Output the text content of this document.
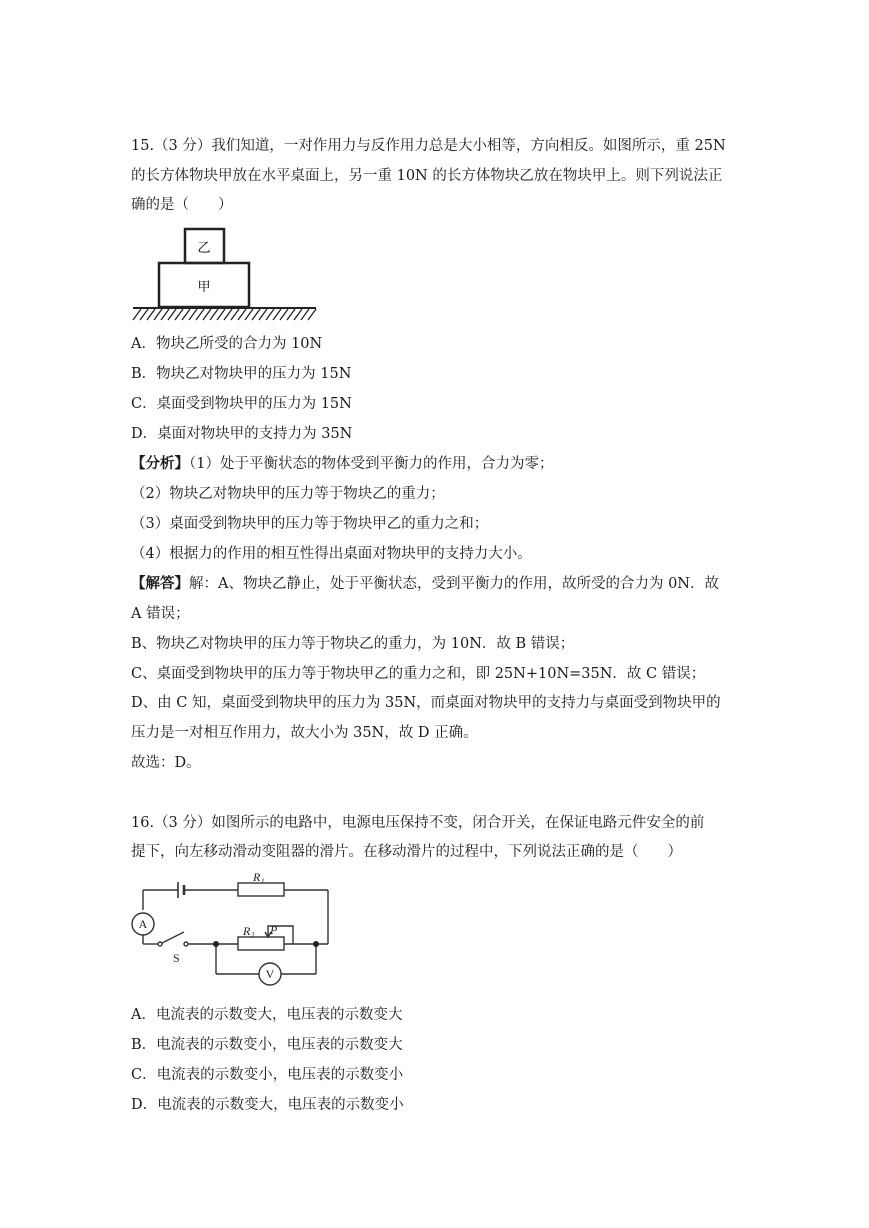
15.（3 分）我们知道，一对作用力与反作用力总是大小相等，方向相反。如图所示，重 25N
的长方体物块甲放在水平桌面上，另一重 10N 的长方体物块乙放在物块甲上。则下列说法正
确的是（　　）
乙
甲
A．物块乙所受的合力为 10N
B．物块乙对物块甲的压力为 15N
C．桌面受到物块甲的压力为 15N
D．桌面对物块甲的支持力为 35N
【分析】（1）处于平衡状态的物体受到平衡力的作用，合力为零；
（2）物块乙对物块甲的压力等于物块乙的重力；
（3）桌面受到物块甲的压力等于物块甲乙的重力之和；
（4）根据力的作用的相互性得出桌面对物块甲的支持力大小。
【解答】解：A、物块乙静止，处于平衡状态，受到平衡力的作用，故所受的合力为 0N．故
A 错误；
B、物块乙对物块甲的压力等于物块乙的重力，为 10N．故 B 错误；
C、桌面受到物块甲的压力等于物块甲乙的重力之和，即 25N+10N=35N．故 C 错误；
D、由 C 知，桌面受到物块甲的压力为 35N，而桌面对物块甲的支持力与桌面受到物块甲的
压力是一对相互作用力，故大小为 35N，故 D 正确。
故选：D。
16.（3 分）如图所示的电路中，电源电压保持不变，闭合开关，在保证电路元件安全的前
提下，向左移动滑动变阻器的滑片。在移动滑片的过程中，下列说法正确的是（　　）
R₁
R₂ P
A
V
S
A．电流表的示数变大，电压表的示数变大
B．电流表的示数变小，电压表的示数变大
C．电流表的示数变小，电压表的示数变小
D．电流表的示数变大，电压表的示数变小
